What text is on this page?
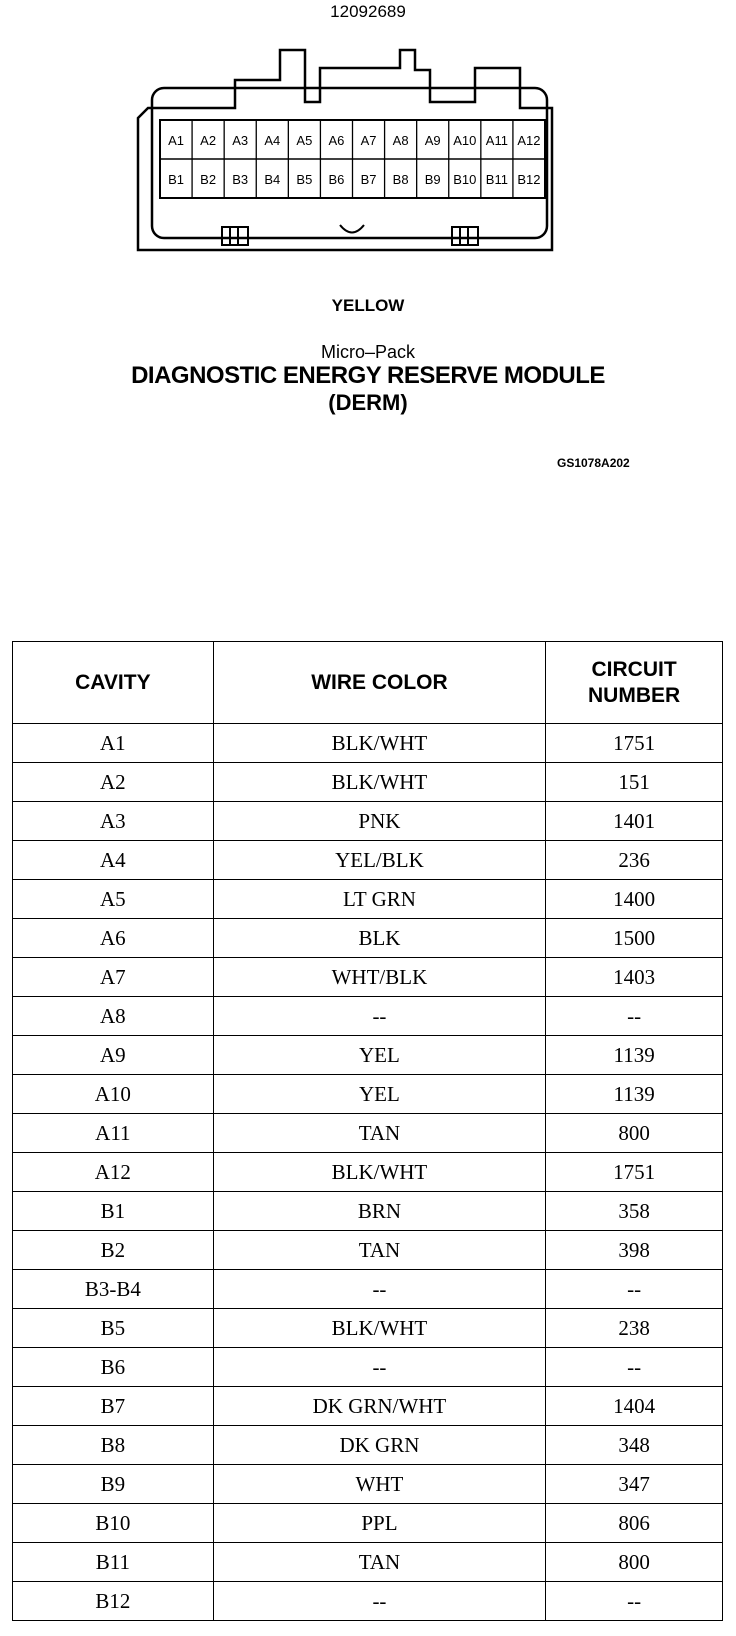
12092689
A1 A2 A3 A4 A5 A6 A7 A8 A9 A10 A11 A12
B1 B2 B3 B4 B5 B6 B7 B8 B9 B10 B11 B12
YELLOW
Micro–Pack
DIAGNOSTIC ENERGY RESERVE MODULE
(DERM)
GS1078A202
CAVITY	WIRE COLOR	CIRCUIT
NUMBER
A1	BLK/WHT	1751
A2	BLK/WHT	151
A3	PNK	1401
A4	YEL/BLK	236
A5	LT GRN	1400
A6	BLK	1500
A7	WHT/BLK	1403
A8	--	--
A9	YEL	1139
A10	YEL	1139
A11	TAN	800
A12	BLK/WHT	1751
B1	BRN	358
B2	TAN	398
B3-B4	--	--
B5	BLK/WHT	238
B6	--	--
B7	DK GRN/WHT	1404
B8	DK GRN	348
B9	WHT	347
B10	PPL	806
B11	TAN	800
B12	--	--
